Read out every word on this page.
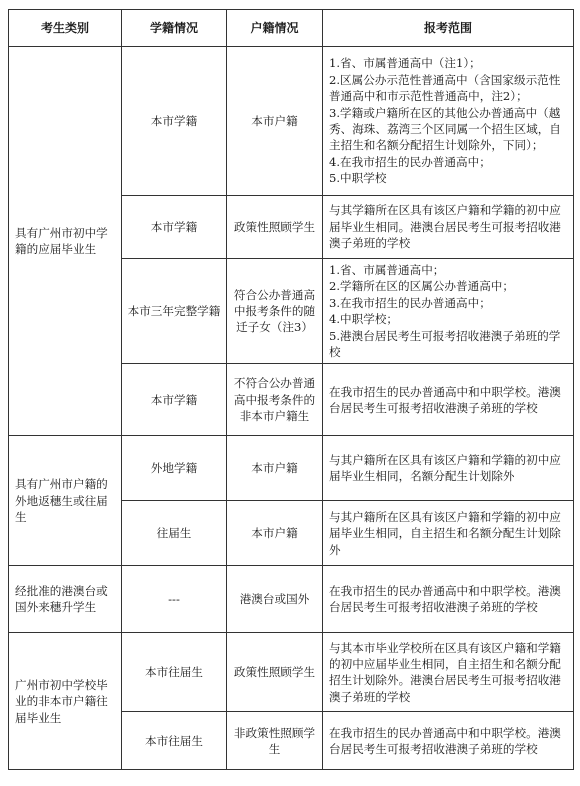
考生类别	学籍情况	户籍情况	报考范围
具有广州市初中学籍的应届毕业生	本市学籍	本市户籍	1.省、市属普通高中（注1）；
2.区属公办示范性普通高中（含国家级示范性普通高中和市示范性普通高中，注2）；
3.学籍或户籍所在区的其他公办普通高中（越秀、海珠、荔湾三个区同属一个招生区域，自主招生和名额分配招生计划除外，下同）；
4.在我市招生的民办普通高中；
5.中职学校

	本市学籍	政策性照顾学生	与其学籍所在区具有该区户籍和学籍的初中应届毕业生相同。港澳台居民考生可报考招收港澳子弟班的学校

	本市三年完整学籍	符合公办普通高中报考条件的随迁子女（注3）	1.省、市属普通高中；
2.学籍所在区的区属公办普通高中；
3.在我市招生的民办普通高中；
4.中职学校；
5.港澳台居民考生可报考招收港澳子弟班的学校

	本市学籍	不符合公办普通高中报考条件的非本市户籍生	在我市招生的民办普通高中和中职学校。港澳台居民考生可报考招收港澳子弟班的学校

具有广州市户籍的外地返穗生或往届生	外地学籍	本市户籍	与其户籍所在区具有该区户籍和学籍的初中应届毕业生相同，名额分配生计划除外

	往届生	本市户籍	与其户籍所在区具有该区户籍和学籍的初中应届毕业生相同，自主招生和名额分配生计划除外

经批准的港澳台或国外来穗升学生	---	港澳台或国外	在我市招生的民办普通高中和中职学校。港澳台居民考生可报考招收港澳子弟班的学校

广州市初中学校毕业的非本市户籍往届毕业生	本市往届生	政策性照顾学生	与其本市毕业学校所在区具有该区户籍和学籍的初中应届毕业生相同，自主招生和名额分配招生计划除外。港澳台居民考生可报考招收港澳子弟班的学校

	本市往届生	非政策性照顾学生	在我市招生的民办普通高中和中职学校。港澳台居民考生可报考招收港澳子弟班的学校
